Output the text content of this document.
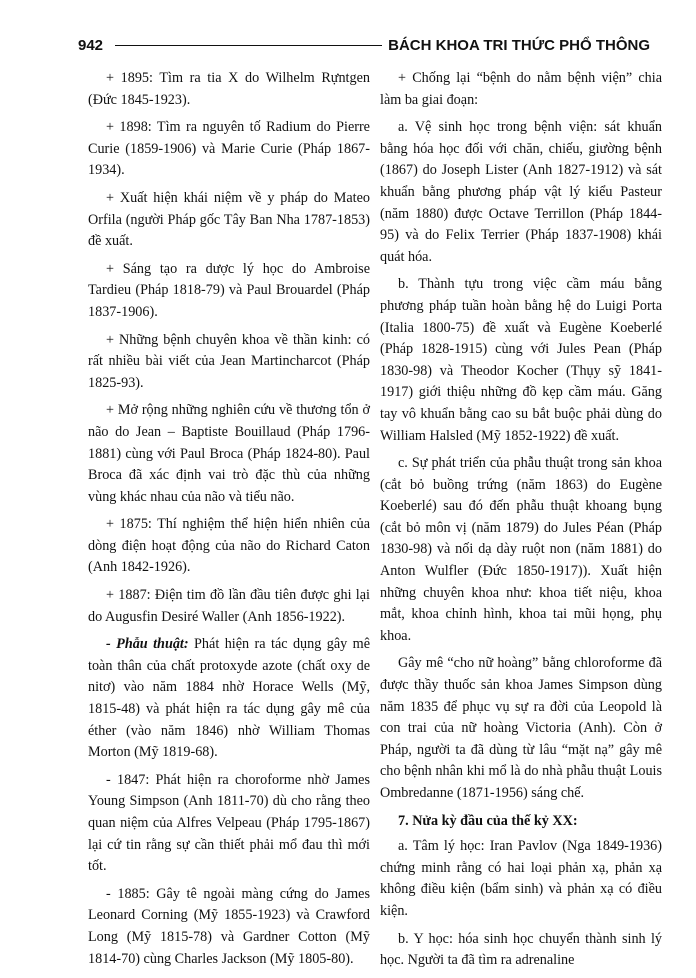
942	BÁCH KHOA TRI THỨC PHỔ THÔNG

+ 1895: Tìm ra tia X do Wilhelm Rựntgen (Đức 1845-1923).

+ 1898: Tìm ra nguyên tố Radium do Pierre Curie (1859-1906) và Marie Curie (Pháp 1867-1934).

+ Xuất hiện khái niệm về y pháp do Mateo Orfila (người Pháp gốc Tây Ban Nha 1787-1853) đề xuất.

+ Sáng tạo ra dược lý học do Ambroise Tardieu (Pháp 1818-79) và Paul Brouardel (Pháp 1837-1906).

+ Những bệnh chuyên khoa về thần kinh: có rất nhiều bài viết của Jean Martincharcot (Pháp 1825-93).

+ Mở rộng những nghiên cứu về thương tổn ở não do Jean – Baptiste Bouillaud (Pháp 1796-1881) cùng với Paul Broca (Pháp 1824-80). Paul Broca đã xác định vai trò đặc thù của những vùng khác nhau của não và tiểu não.

+ 1875: Thí nghiệm thể hiện hiển nhiên của dòng điện hoạt động của não do Richard Caton (Anh 1842-1926).

+ 1887: Điện tim đồ lần đầu tiên được ghi lại do Augusfin Desiré Waller (Anh 1856-1922).

- Phẫu thuật: Phát hiện ra tác dụng gây mê toàn thân của chất protoxyde azote (chất oxy de nitơ) vào năm 1884 nhờ Horace Wells (Mỹ, 1815-48) và phát hiện ra tác dụng gây mê của éther (vào năm 1846) nhờ William Thomas Morton (Mỹ 1819-68).

- 1847: Phát hiện ra choroforme nhờ James Young Simpson (Anh 1811-70) dù cho rằng theo quan niệm của Alfres Velpeau (Pháp 1795-1867) lại cứ tin rằng sự cần thiết phải mổ đau thì mới tốt.

- 1885: Gây tê ngoài màng cứng do James Leonard Corning (Mỹ 1855-1923) và Crawford Long (Mỹ 1815-78) và Gardner Cotton (Mỹ 1814-70) cùng Charles Jackson (Mỹ 1805-80).

+ Chống lại “bệnh do nằm bệnh viện” chia làm ba giai đoạn:

a. Vệ sinh học trong bệnh viện: sát khuẩn bằng hóa học đối với chăn, chiếu, giường bệnh (1867) do Joseph Lister (Anh 1827-1912) và sát khuẩn bằng phương pháp vật lý kiểu Pasteur (năm 1880) được Octave Terrillon (Pháp 1844-95) và do Felix Terrier (Pháp 1837-1908) khái quát hóa.

b. Thành tựu trong việc cầm máu bằng phương pháp tuần hoàn bằng hệ do Luigi Porta (Italia 1800-75) đề xuất và Eugène Koeberlé (Pháp 1828-1915) cùng với Jules Pean (Pháp 1830-98) và Theodor Kocher (Thụy sỹ 1841-1917) giới thiệu những đồ kẹp cầm máu. Găng tay vô khuẩn bằng cao su bắt buộc phải dùng do William Halsled (Mỹ 1852-1922) đề xuất.

c. Sự phát triển của phẫu thuật trong sản khoa (cắt bỏ buồng trứng (năm 1863) do Eugène Koeberlé) sau đó đến phẫu thuật khoang bụng (cắt bỏ môn vị (năm 1879) do Jules Péan (Pháp 1830-98) và nối dạ dày ruột non (năm 1881) do Anton Wulfler (Đức 1850-1917)). Xuất hiện những chuyên khoa như: khoa tiết niệu, khoa mắt, khoa chỉnh hình, khoa tai mũi họng, phụ khoa.

Gây mê “cho nữ hoàng” bằng chloroforme đã được thầy thuốc sản khoa James Simpson dùng năm 1835 để phục vụ sự ra đời của Leopold là con trai của nữ hoàng Victoria (Anh). Còn ở Pháp, người ta đã dùng từ lâu “mặt nạ” gây mê cho bệnh nhân khi mổ là do nhà phẫu thuật Louis Ombredanne (1871-1956) sáng chế.

7. Nửa kỳ đầu của thế kỷ XX:

a. Tâm lý học: Iran Pavlov (Nga 1849-1936) chứng minh rằng có hai loại phản xạ, phản xạ không điều kiện (bẩm sinh) và phản xạ có điều kiện.

b. Y học: hóa sinh học chuyển thành sinh lý học. Người ta đã tìm ra adrenaline
